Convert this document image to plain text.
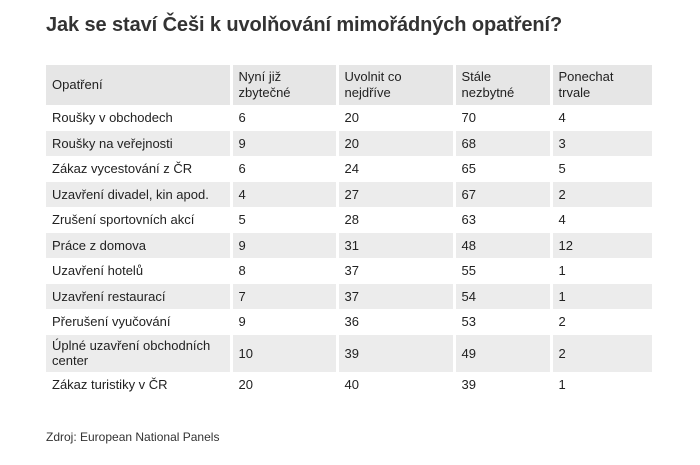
Jak se staví Češi k uvolňování mimořádných opatření?
Opatření	Nyní již zbytečné	Uvolnit co nejdříve	Stále nezbytné	Ponechat trvale
Roušky v obchodech	6	20	70	4
Roušky na veřejnosti	9	20	68	3
Zákaz vycestování z ČR	6	24	65	5
Uzavření divadel, kin apod.	4	27	67	2
Zrušení sportovních akcí	5	28	63	4
Práce z domova	9	31	48	12
Uzavření hotelů	8	37	55	1
Uzavření restaurací	7	37	54	1
Přerušení vyučování	9	36	53	2
Úplné uzavření obchodních center	10	39	49	2
Zákaz turistiky v ČR	20	40	39	1
Zdroj: European National Panels
